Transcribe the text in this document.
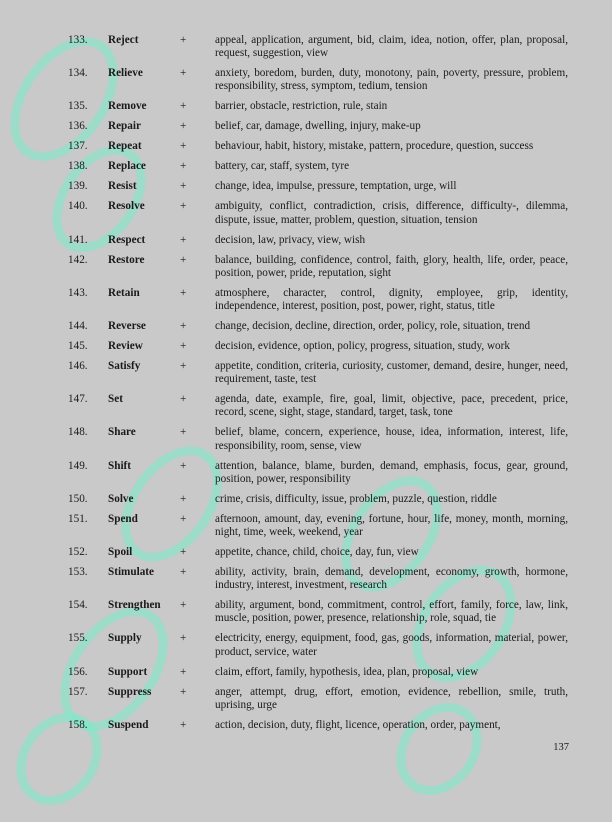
133.	Reject	+	appeal, application, argument, bid, claim, idea, notion, offer, plan, proposal, request, suggestion, view
134.	Relieve	+	anxiety, boredom, burden, duty, monotony, pain, poverty, pressure, problem, responsibility, stress, symptom, tedium, tension
135.	Remove	+	barrier, obstacle, restriction, rule, stain
136.	Repair	+	belief, car, damage, dwelling, injury, make-up
137.	Repeat	+	behaviour, habit, history, mistake, pattern, procedure, question, success
138.	Replace	+	battery, car, staff, system, tyre
139.	Resist	+	change, idea, impulse, pressure, temptation, urge, will
140.	Resolve	+	ambiguity, conflict, contradiction, crisis, difference, difficulty-, dilemma, dispute, issue, matter, problem, question, situation, tension
141.	Respect	+	decision, law, privacy, view, wish
142.	Restore	+	balance, building, confidence, control, faith, glory, health, life, order, peace, position, power, pride, reputation, sight
143.	Retain	+	atmosphere, character, control, dignity, employee, grip, identity, independence, interest, position, post, power, right, status, title
144.	Reverse	+	change, decision, decline, direction, order, policy, role, situation, trend
145.	Review	+	decision, evidence, option, policy, progress, situation, study, work
146.	Satisfy	+	appetite, condition, criteria, curiosity, customer, demand, desire, hunger, need, requirement, taste, test
147.	Set	+	agenda, date, example, fire, goal, limit, objective, pace, precedent, price, record, scene, sight, stage, standard, target, task, tone
148.	Share	+	belief, blame, concern, experience, house, idea, information, interest, life, responsibility, room, sense, view
149.	Shift	+	attention, balance, blame, burden, demand, emphasis, focus, gear, ground, position, power, responsibility
150.	Solve	+	crime, crisis, difficulty, issue, problem, puzzle, question, riddle
151.	Spend	+	afternoon, amount, day, evening, fortune, hour, life, money, month, morning, night, time, week, weekend, year
152.	Spoil	+	appetite, chance, child, choice, day, fun, view
153.	Stimulate	+	ability, activity, brain, demand, development, economy, growth, hormone, industry, interest, investment, research
154.	Strengthen	+	ability, argument, bond, commitment, control, effort, family, force, law, link, muscle, position, power, presence, relationship, role, squad, tie
155.	Supply	+	electricity, energy, equipment, food, gas, goods, information, material, power, product, service, water
156.	Support	+	claim, effort, family, hypothesis, idea, plan, proposal, view
157.	Suppress	+	anger, attempt, drug, effort, emotion, evidence, rebellion, smile, truth, uprising, urge
158.	Suspend	+	action, decision, duty, flight, licence, operation, order, payment,
137
